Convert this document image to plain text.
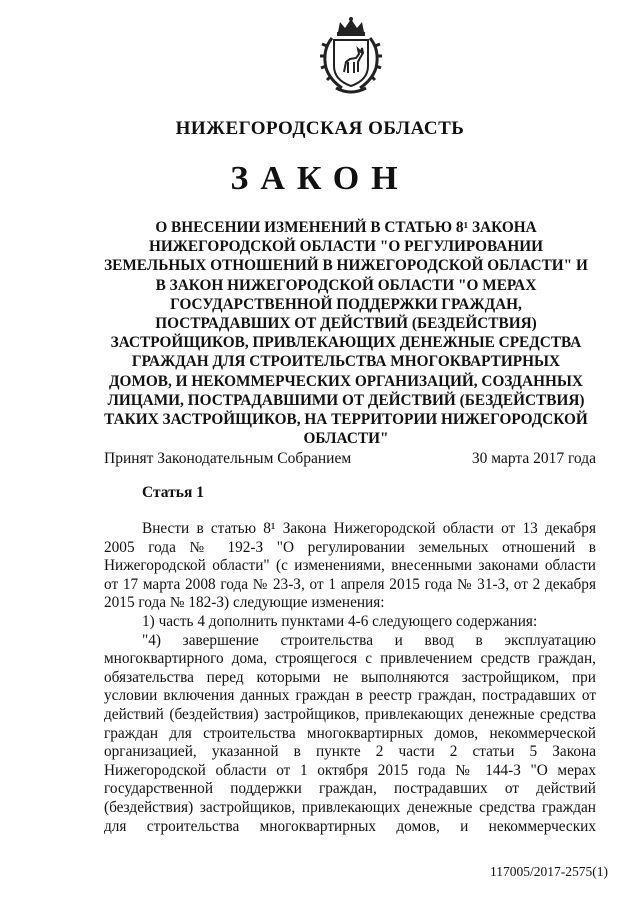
НИЖЕГОРОДСКАЯ ОБЛАСТЬ
ЗАКОН
О ВНЕСЕНИИ ИЗМЕНЕНИЙ В СТАТЬЮ 8¹ ЗАКОНА
НИЖЕГОРОДСКОЙ ОБЛАСТИ "О РЕГУЛИРОВАНИИ
ЗЕМЕЛЬНЫХ ОТНОШЕНИЙ В НИЖЕГОРОДСКОЙ ОБЛАСТИ" И
В ЗАКОН НИЖЕГОРОДСКОЙ ОБЛАСТИ "О МЕРАХ
ГОСУДАРСТВЕННОЙ ПОДДЕРЖКИ ГРАЖДАН,
ПОСТРАДАВШИХ ОТ ДЕЙСТВИЙ (БЕЗДЕЙСТВИЯ)
ЗАСТРОЙЩИКОВ, ПРИВЛЕКАЮЩИХ ДЕНЕЖНЫЕ СРЕДСТВА
ГРАЖДАН ДЛЯ СТРОИТЕЛЬСТВА МНОГОКВАРТИРНЫХ
ДОМОВ, И НЕКОММЕРЧЕСКИХ ОРГАНИЗАЦИЙ, СОЗДАННЫХ
ЛИЦАМИ, ПОСТРАДАВШИМИ ОТ ДЕЙСТВИЙ (БЕЗДЕЙСТВИЯ)
ТАКИХ ЗАСТРОЙЩИКОВ, НА ТЕРРИТОРИИ НИЖЕГОРОДСКОЙ
ОБЛАСТИ"
Принят Законодательным Собранием	30 марта 2017 года
Статья 1
Внести в статью 8¹ Закона Нижегородской области от 13 декабря
2005 года № 192-З "О регулировании земельных отношений в
Нижегородской области" (с изменениями, внесенными законами области
от 17 марта 2008 года № 23-З, от 1 апреля 2015 года № 31-З, от 2 декабря
2015 года № 182-З) следующие изменения:
1) часть 4 дополнить пунктами 4-6 следующего содержания:
"4) завершение строительства и ввод в эксплуатацию
многоквартирного дома, строящегося с привлечением средств граждан,
обязательства перед которыми не выполняются застройщиком, при
условии включения данных граждан в реестр граждан, пострадавших от
действий (бездействия) застройщиков, привлекающих денежные средства
граждан для строительства многоквартирных домов, некоммерческой
организацией, указанной в пункте 2 части 2 статьи 5 Закона
Нижегородской области от 1 октября 2015 года № 144-З "О мерах
государственной поддержки граждан, пострадавших от действий
(бездействия) застройщиков, привлекающих денежные средства граждан
для строительства многоквартирных домов, и некоммерческих
117005/2017-2575(1)
